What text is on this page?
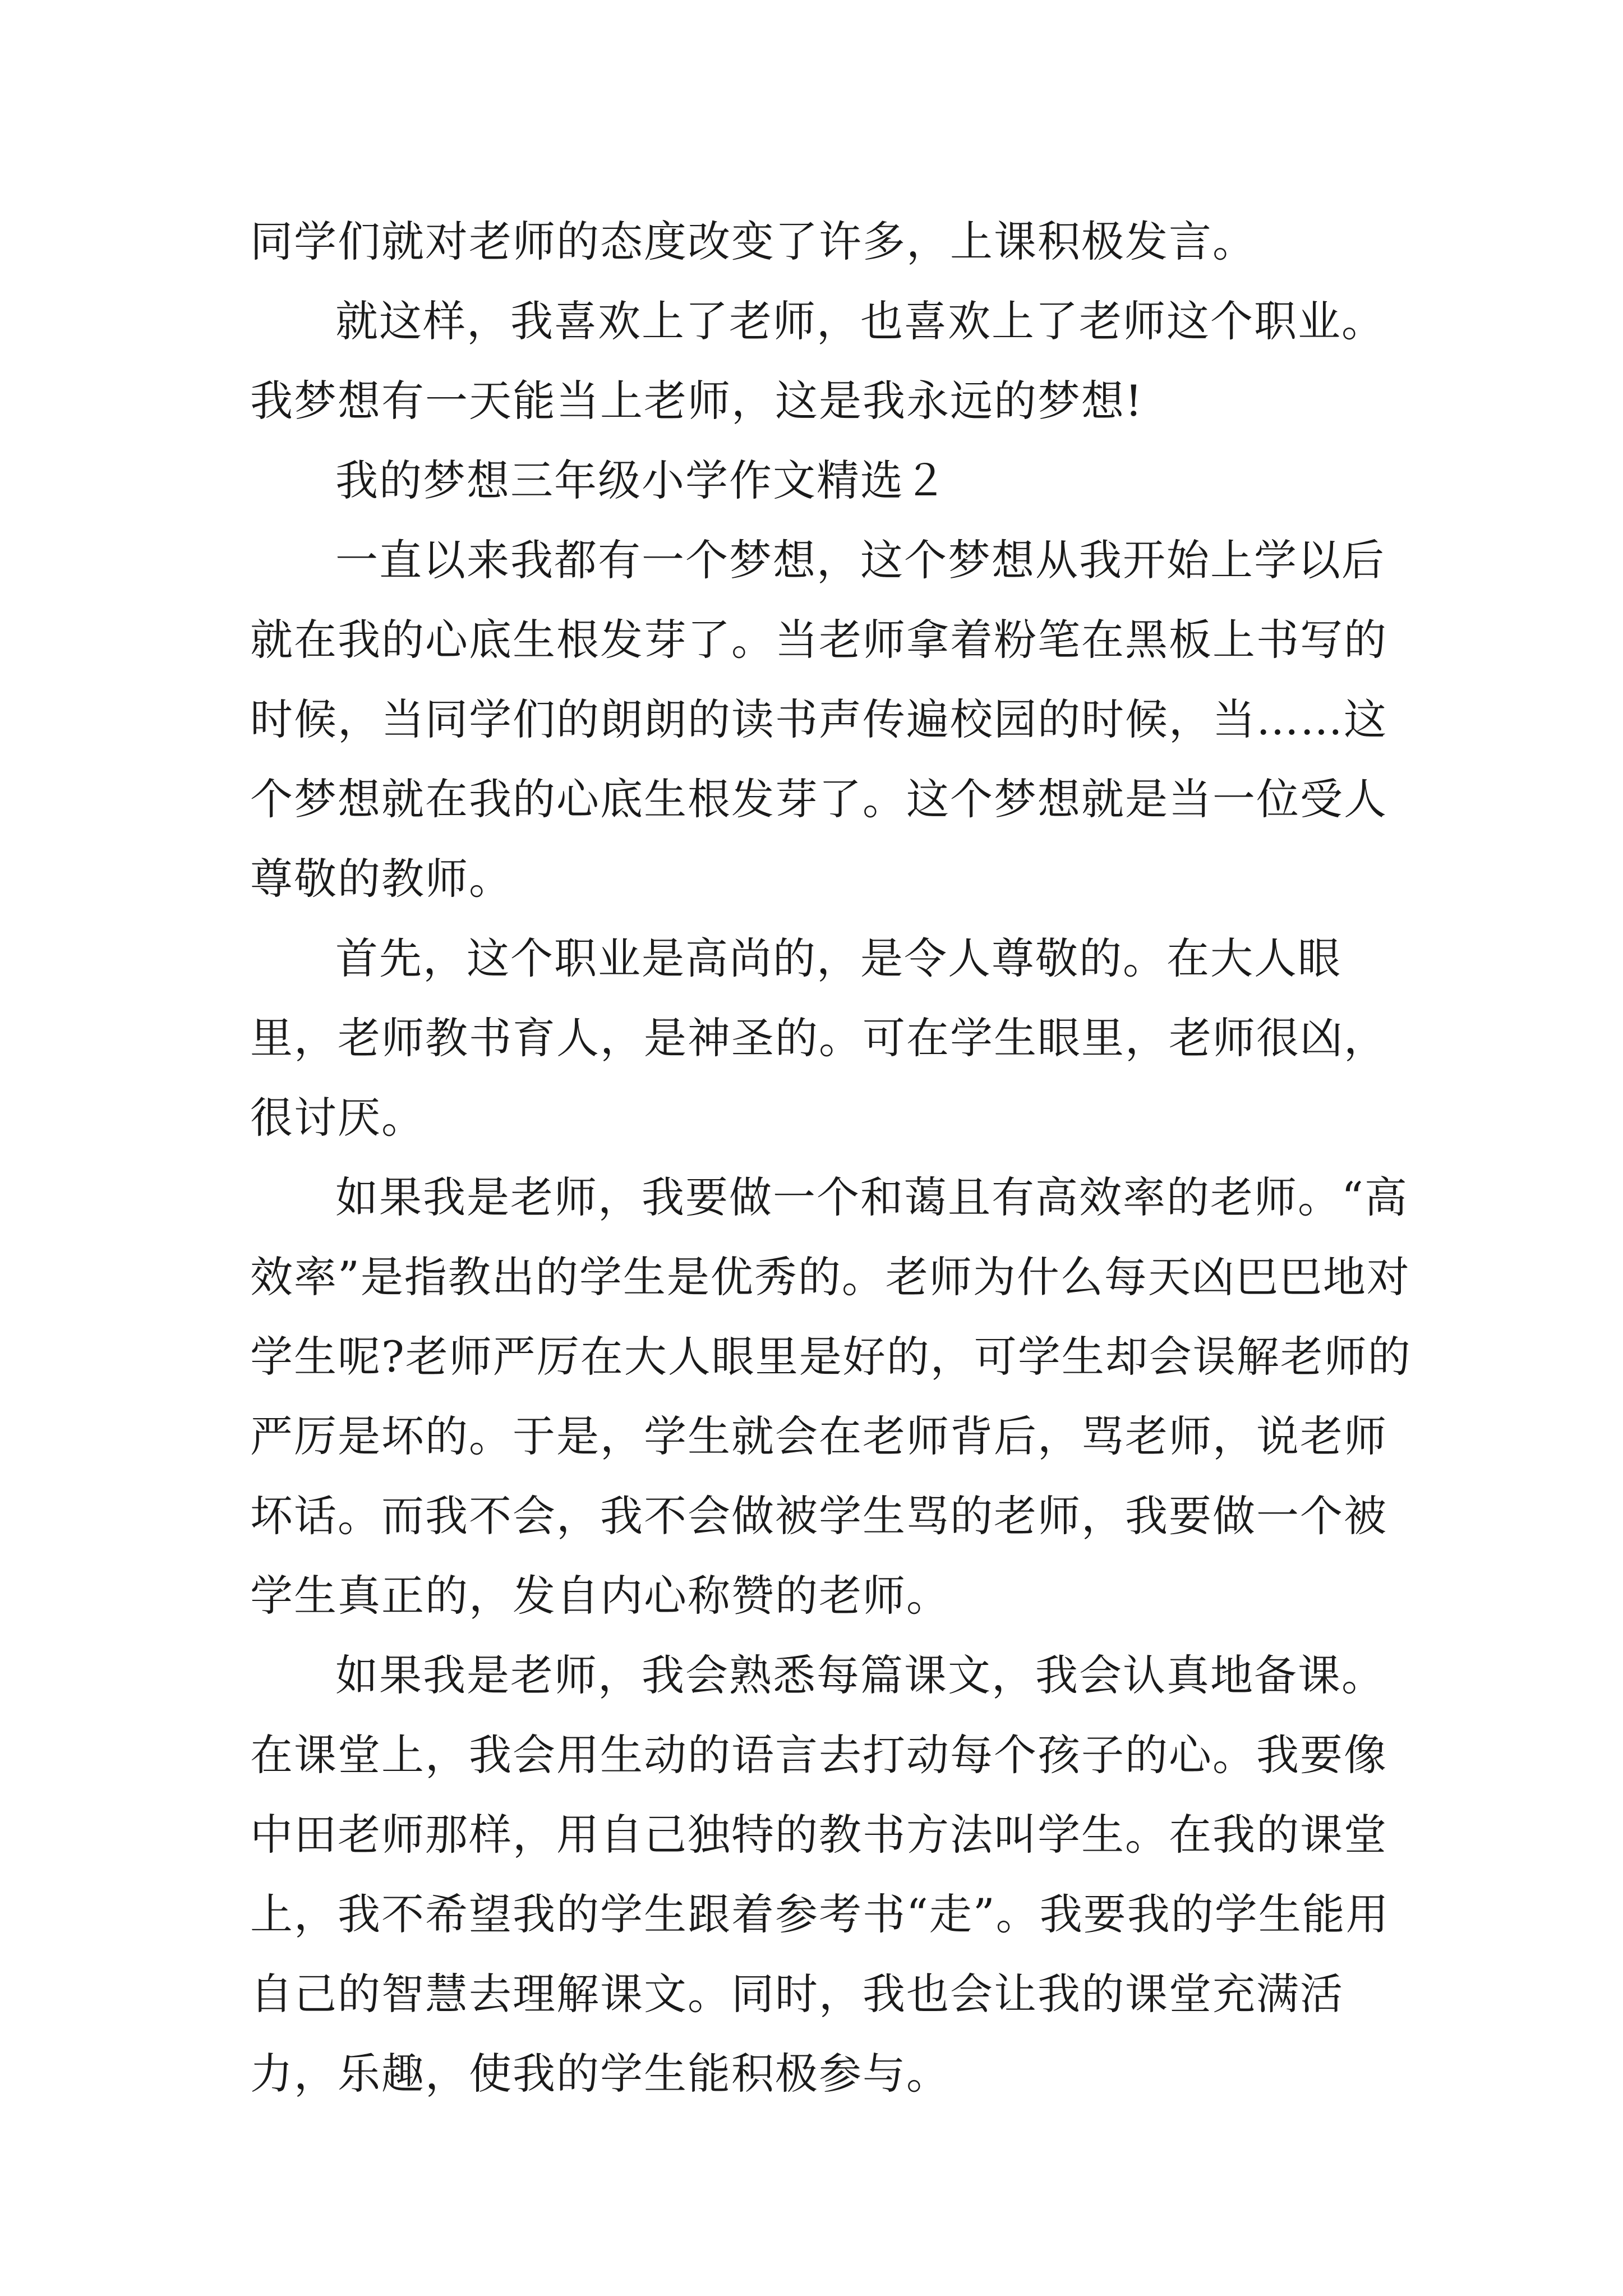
同学们就对老师的态度改变了许多，上课积极发言。

就这样，我喜欢上了老师，也喜欢上了老师这个职业。我梦想有一天能当上老师，这是我永远的梦想!

我的梦想三年级小学作文精选２

一直以来我都有一个梦想，这个梦想从我开始上学以后就在我的心底生根发芽了。当老师拿着粉笔在黑板上书写的时候，当同学们的朗朗的读书声传遍校园的时候，当……这个梦想就在我的心底生根发芽了。这个梦想就是当一位受人尊敬的教师。

首先，这个职业是高尚的，是令人尊敬的。在大人眼里，老师教书育人，是神圣的。可在学生眼里，老师很凶，很讨厌。

如果我是老师，我要做一个和蔼且有高效率的老师。“高效率”是指教出的学生是优秀的。老师为什么每天凶巴巴地对学生呢?老师严厉在大人眼里是好的，可学生却会误解老师的严厉是坏的。于是，学生就会在老师背后，骂老师，说老师坏话。而我不会，我不会做被学生骂的老师，我要做一个被学生真正的，发自内心称赞的老师。

如果我是老师，我会熟悉每篇课文，我会认真地备课。在课堂上，我会用生动的语言去打动每个孩子的心。我要像中田老师那样，用自己独特的教书方法叫学生。在我的课堂上，我不希望我的学生跟着参考书“走”。我要我的学生能用自己的智慧去理解课文。同时，我也会让我的课堂充满活力，乐趣，使我的学生能积极参与。
